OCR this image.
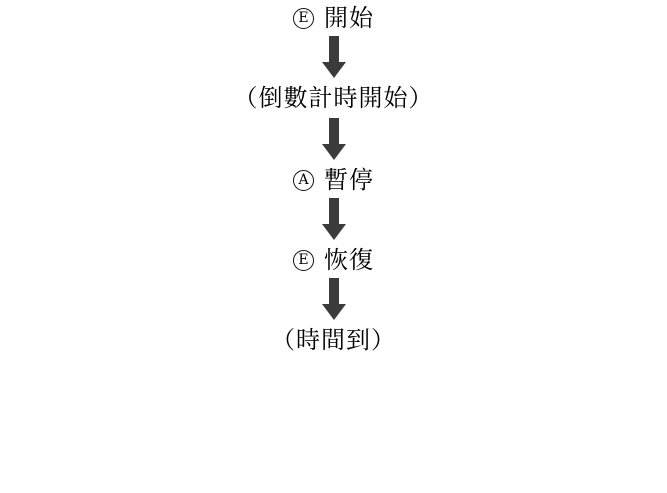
E 開始
（倒數計時開始）
A 暫停
E 恢復
（時間到）
